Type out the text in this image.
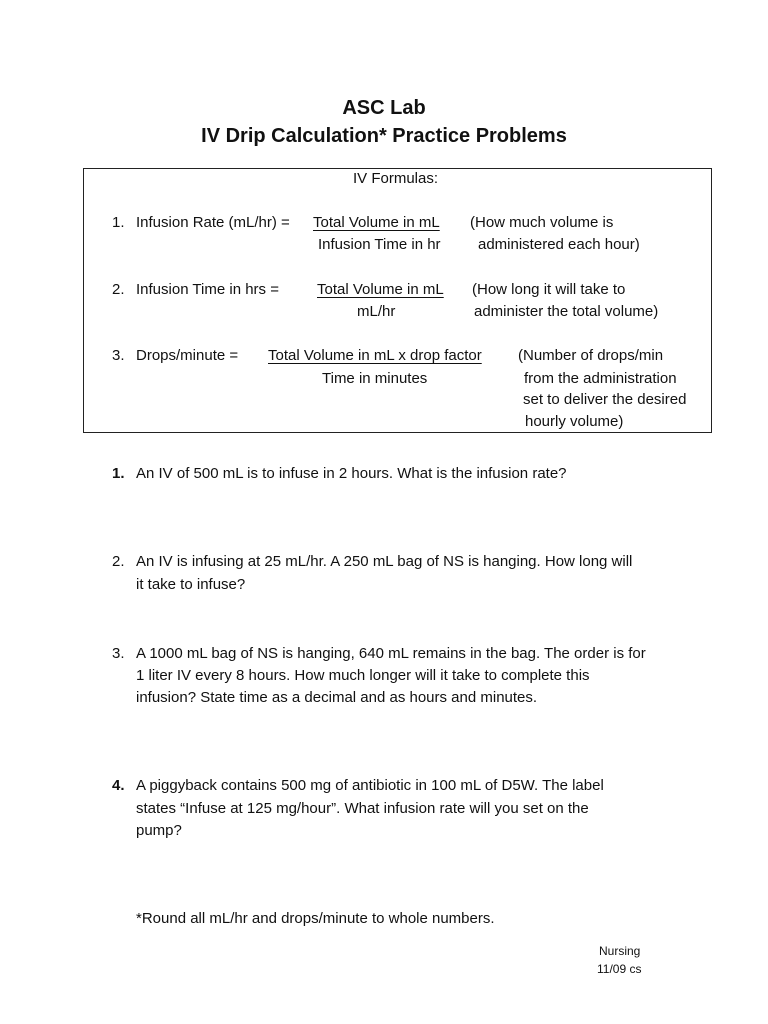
ASC Lab
IV Drip Calculation* Practice Problems
IV Formulas:
1. Infusion Rate (mL/hr) = Total Volume in mL
Infusion Time in hr
(How much volume is
administered each hour)
2. Infusion Time in hrs =	Total Volume in mL
mL/hr
(How long it will take to
administer the total volume)
3. Drops/minute = Total Volume in mL x drop factor
Time in minutes
(Number of drops/min
from the administration
set to deliver the desired
hourly volume)
1. An IV of 500 mL is to infuse in 2 hours. What is the infusion rate?
2. An IV is infusing at 25 mL/hr. A 250 mL bag of NS is hanging. How long will
it take to infuse?
3. A 1000 mL bag of NS is hanging, 640 mL remains in the bag. The order is for
1 liter IV every 8 hours. How much longer will it take to complete this
infusion? State time as a decimal and as hours and minutes.
4. A piggyback contains 500 mg of antibiotic in 100 mL of D5W. The label
states “Infuse at 125 mg/hour”. What infusion rate will you set on the
pump?
*Round all mL/hr and drops/minute to whole numbers.
Nursing
11/09 cs
